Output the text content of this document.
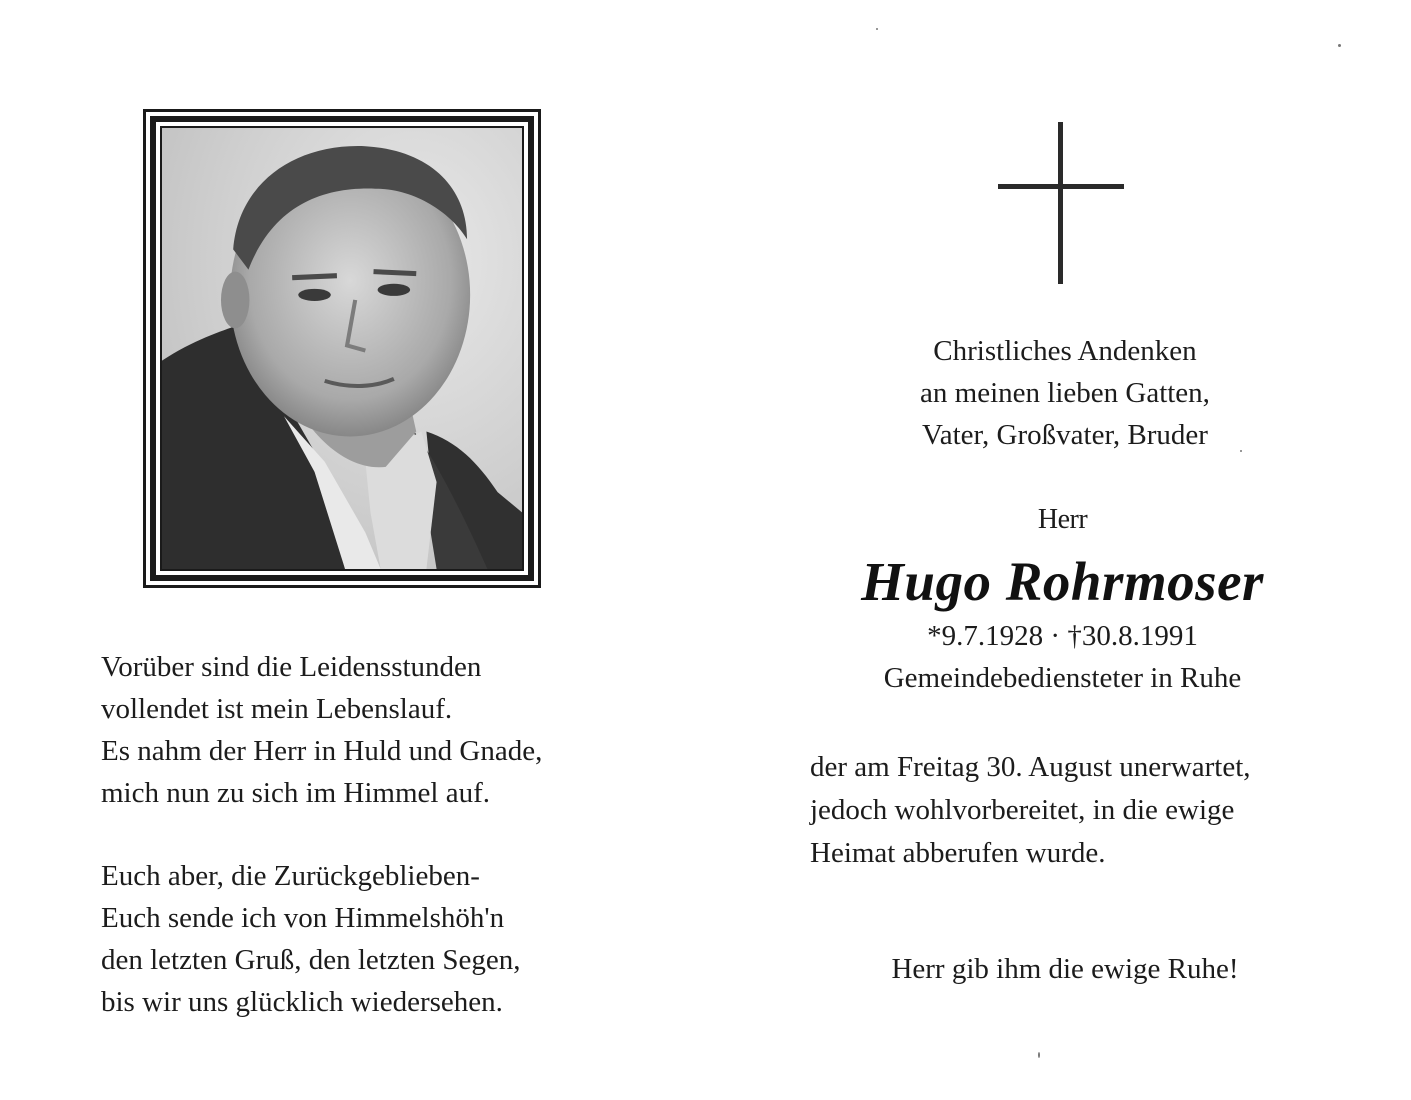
Christliches Andenken
an meinen lieben Gatten,
Vater, Großvater, Bruder
Herr
Hugo Rohrmoser
*9.7.1928 · †30.8.1991
Gemeindebediensteter in Ruhe
der am Freitag 30. August unerwartet,
jedoch wohlvorbereitet, in die ewige
Heimat abberufen wurde.
Herr gib ihm die ewige Ruhe!
Vorüber sind die Leidensstunden
vollendet ist mein Lebenslauf.
Es nahm der Herr in Huld und Gnade,
mich nun zu sich im Himmel auf.
Euch aber, die Zurückgeblieben-
Euch sende ich von Himmelshöh'n
den letzten Gruß, den letzten Segen,
bis wir uns glücklich wiedersehen.
